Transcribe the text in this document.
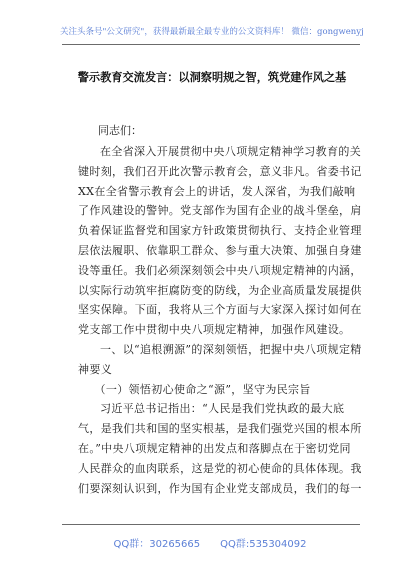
关注头条号"公文研究"，获得最新最全最专业的公文资料库！ 微信：gongwenyj
警示教育交流发言：以洞察明规之智，筑党建作风之基
同志们：

在全省深入开展贯彻中央八项规定精神学习教育的关键时刻，我们召开此次警示教育会，意义非凡。省委书记XX在全省警示教育会上的讲话，发人深省，为我们敲响了作风建设的警钟。党支部作为国有企业的战斗堡垒，肩负着保证监督党和国家方针政策贯彻执行、支持企业管理层依法履职、依靠职工群众、参与重大决策、加强自身建设等重任。我们必须深刻领会中央八项规定精神的内涵，以实际行动筑牢拒腐防变的防线，为企业高质量发展提供坚实保障。下面，我将从三个方面与大家深入探讨如何在党支部工作中贯彻中央八项规定精神，加强作风建设。

一、以“追根溯源”的深刻领悟，把握中央八项规定精神要义

（一）领悟初心使命之“源”，坚守为民宗旨

习近平总书记指出：“人民是我们党执政的最大底气，是我们共和国的坚实根基，是我们强党兴国的根本所在。”中央八项规定精神的出发点和落脚点在于密切党同人民群众的血肉联系，这是党的初心使命的具体体现。我们要深刻认识到，作为国有企业党支部成员，我们的每一

QQ群：30265665　　QQ群:535304092
